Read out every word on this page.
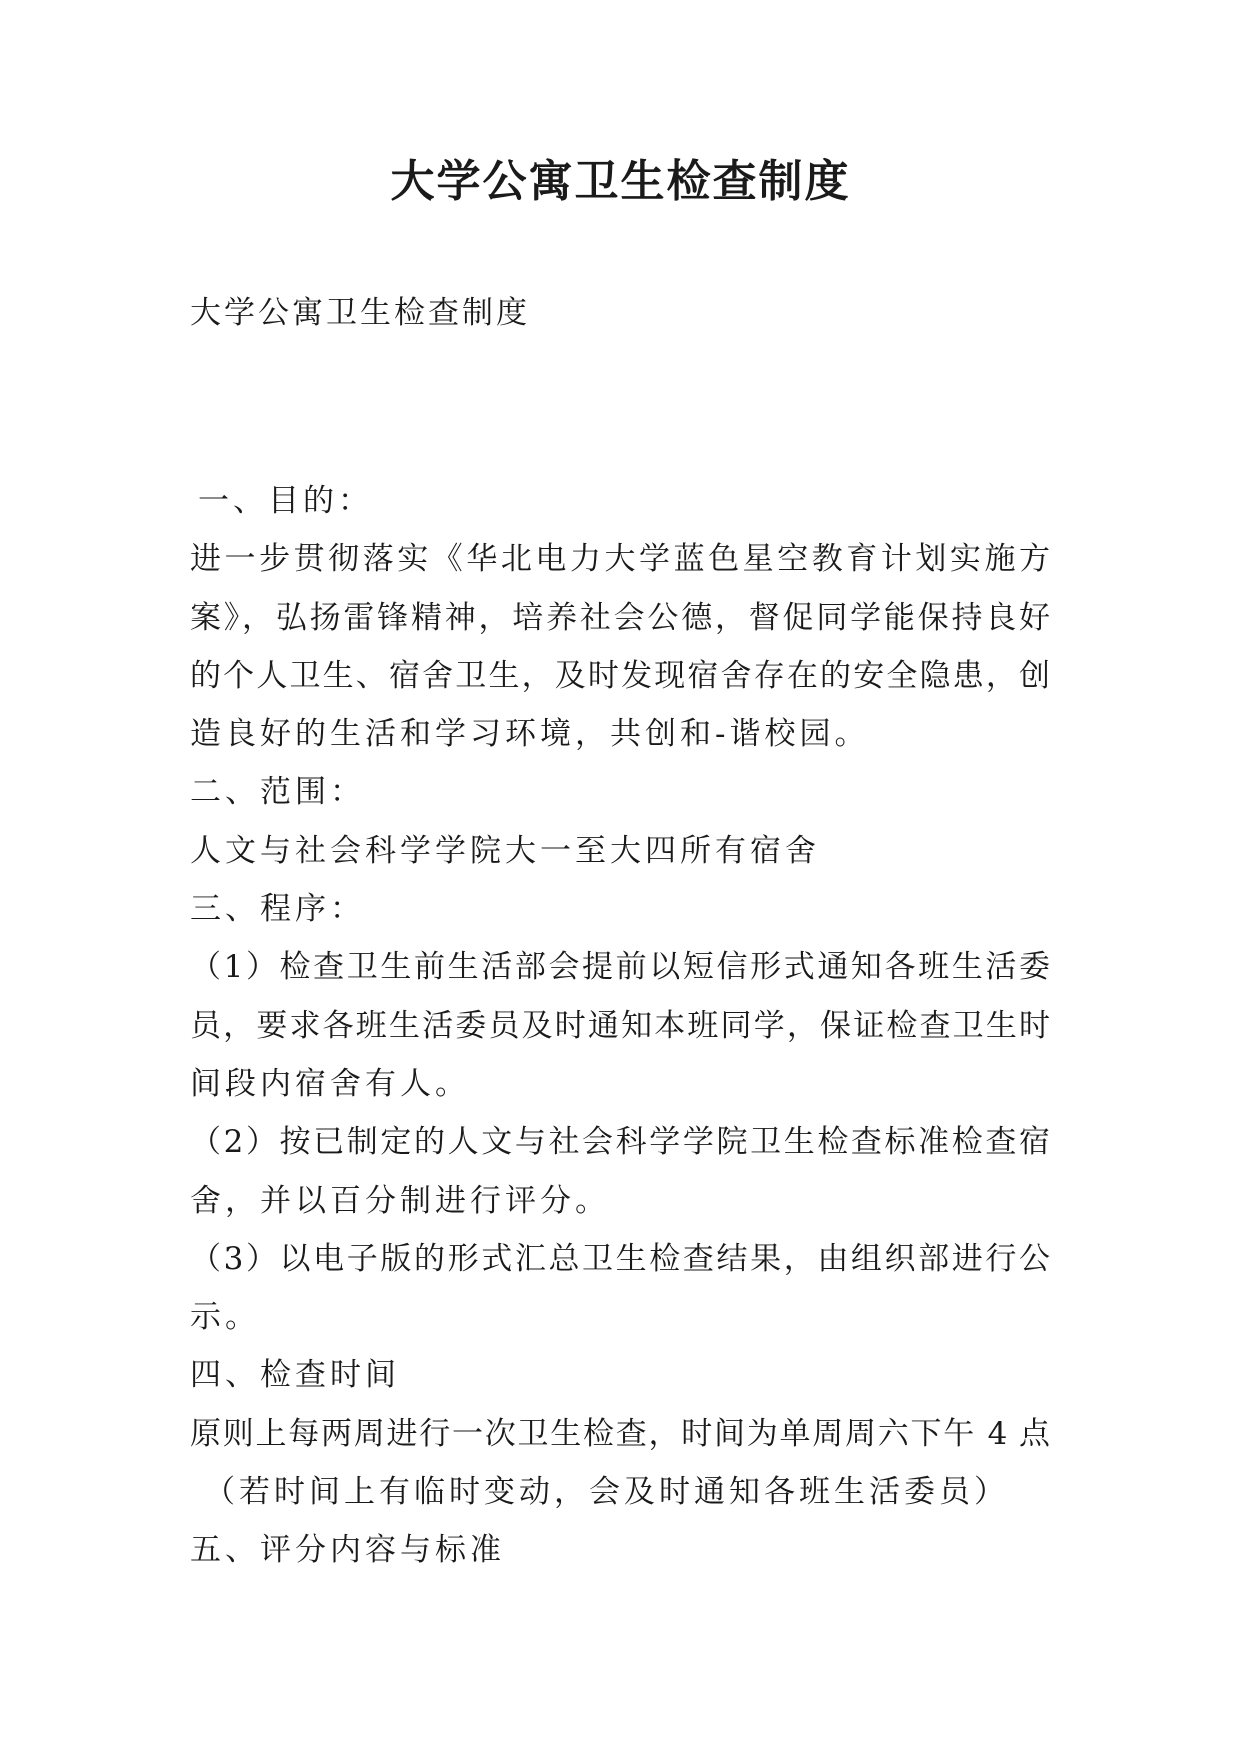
大学公寓卫生检查制度

大学公寓卫生检查制度

一、目的：
进一步贯彻落实《华北电力大学蓝色星空教育计划实施方
案》，弘扬雷锋精神，培养社会公德，督促同学能保持良好
的个人卫生、宿舍卫生，及时发现宿舍存在的安全隐患，创
造良好的生活和学习环境，共创和-谐校园。
二、范围：
人文与社会科学学院大一至大四所有宿舍
三、程序：
（1）检查卫生前生活部会提前以短信形式通知各班生活委
员，要求各班生活委员及时通知本班同学，保证检查卫生时
间段内宿舍有人。
（2）按已制定的人文与社会科学学院卫生检查标准检查宿
舍，并以百分制进行评分。
（3）以电子版的形式汇总卫生检查结果，由组织部进行公
示。
四、检查时间
原则上每两周进行一次卫生检查，时间为单周周六下午 4 点
（若时间上有临时变动，会及时通知各班生活委员）
五、评分内容与标准
